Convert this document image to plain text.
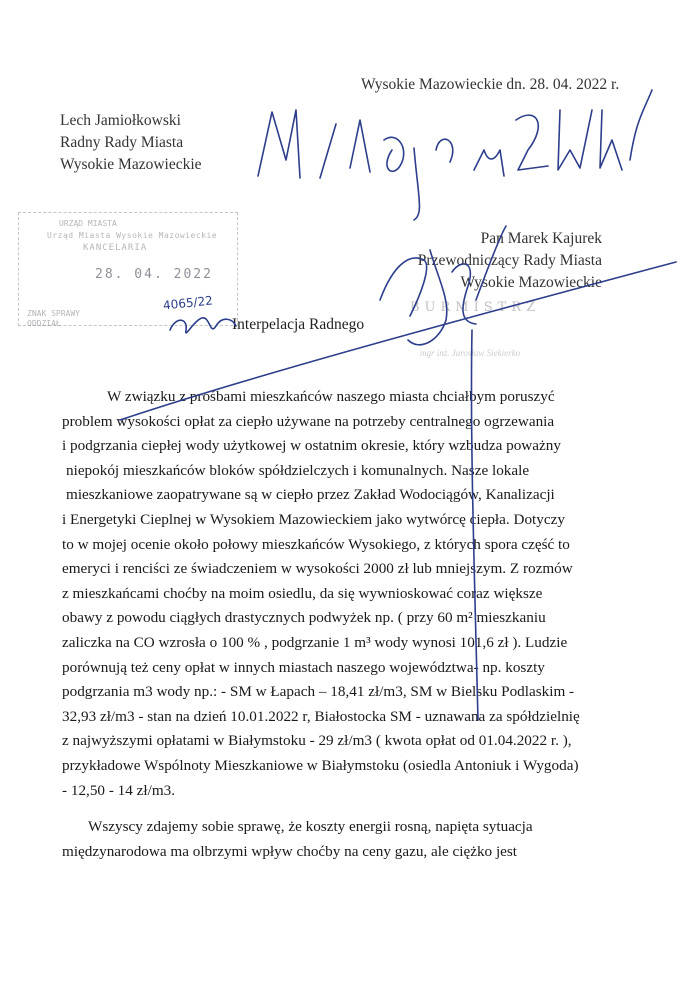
Wysokie Mazowieckie dn. 28. 04. 2022 r.
Lech Jamiołkowski
Radny Rady Miasta
Wysokie Mazowieckie
URZĄD MIASTA
Urząd Miasta Wysokie Mazowieckie
KANCELARIA
28. 04. 2022
ZNAK SPRAWY
ODDZIAŁ
Pan Marek Kajurek
Przewodniczący Rady Miasta
Wysokie Mazowieckie
4065/22
Interpelacja Radnego
BURMISTRZ
mgr inż. Jarosław Siekierko
W związku z prośbami mieszkańców naszego miasta chciałbym poruszyć
problem wysokości opłat za ciepło używane na potrzeby centralnego ogrzewania
i podgrzania ciepłej wody użytkowej w ostatnim okresie, który wzbudza poważny
niepokój mieszkańców bloków spółdzielczych i komunalnych. Nasze lokale
mieszkaniowe zaopatrywane są w ciepło przez Zakład Wodociągów, Kanalizacji
i Energetyki Cieplnej w Wysokiem Mazowieckiem jako wytwórcę ciepła. Dotyczy
to w mojej ocenie około połowy mieszkańców Wysokiego, z których spora część to
emeryci i renciści ze świadczeniem w wysokości 2000 zł lub mniejszym. Z rozmów
z mieszkańcami choćby na moim osiedlu, da się wywnioskować coraz większe
obawy z powodu ciągłych drastycznych podwyżek np. ( przy 60 m² mieszkaniu
zaliczka na CO wzrosła o 100 % , podgrzanie 1 m³ wody wynosi 101,6 zł ). Ludzie
porównują też ceny opłat w innych miastach naszego województwa- np. koszty
podgrzania m3 wody np.: - SM w Łapach – 18,41 zł/m3, SM w Bielsku Podlaskim -
32,93 zł/m3 - stan na dzień 10.01.2022 r, Białostocka SM - uznawana za spółdzielnię
z najwyższymi opłatami w Białymstoku - 29 zł/m3 ( kwota opłat od 01.04.2022 r. ),
przykładowe Wspólnoty Mieszkaniowe w Białymstoku (osiedla Antoniuk i Wygoda)
- 12,50 - 14 zł/m3.
Wszyscy zdajemy sobie sprawę, że koszty energii rosną, napięta sytuacja
międzynarodowa ma olbrzymi wpływ choćby na ceny gazu, ale ciężko jest
